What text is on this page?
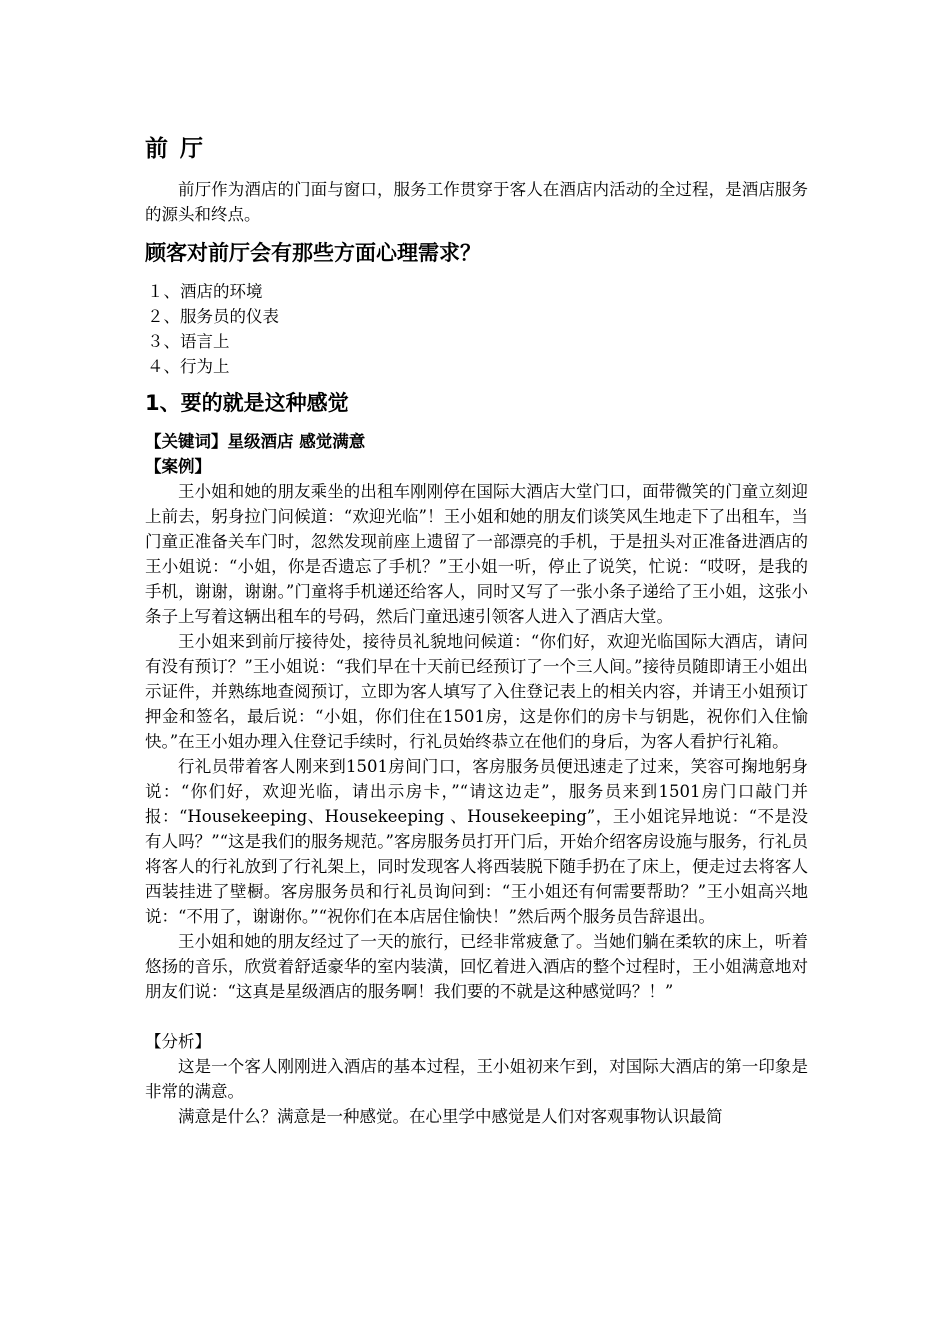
前 厅

前厅作为酒店的门面与窗口，服务工作贯穿于客人在酒店内活动的全过程，是酒店服务的源头和终点。

顾客对前厅会有那些方面心理需求？
１、酒店的环境
２、服务员的仪表
３、语言上
４、行为上
1、要的就是这种感觉
【关键词】星级酒店 感觉满意
【案例】

王小姐和她的朋友乘坐的出租车刚刚停在国际大酒店大堂门口，面带微笑的门童立刻迎上前去，躬身拉门问候道：“欢迎光临”！王小姐和她的朋友们谈笑风生地走下了出租车，当门童正准备关车门时，忽然发现前座上遗留了一部漂亮的手机，于是扭头对正准备进酒店的王小姐说：“小姐，你是否遗忘了手机？”王小姐一听，停止了说笑，忙说：“哎呀，是我的手机，谢谢，谢谢。”门童将手机递还给客人，同时又写了一张小条子递给了王小姐，这张小条子上写着这辆出租车的号码，然后门童迅速引领客人进入了酒店大堂。

王小姐来到前厅接待处，接待员礼貌地问候道：“你们好，欢迎光临国际大酒店，请问有没有预订？”王小姐说：“我们早在十天前已经预订了一个三人间。”接待员随即请王小姐出示证件，并熟练地查阅预订，立即为客人填写了入住登记表上的相关内容，并请王小姐预订押金和签名，最后说：“小姐，你们住在1501房，这是你们的房卡与钥匙，祝你们入住愉快。”在王小姐办理入住登记手续时，行礼员始终恭立在他们的身后，为客人看护行礼箱。

行礼员带着客人刚来到1501房间门口，客房服务员便迅速走了过来，笑容可掬地躬身说：“你们好，欢迎光临，请出示房卡，”“请这边走”，服务员来到1501房门口敲门并报：“Housekeeping、Housekeeping 、Housekeeping”，王小姐诧异地说：“不是没有人吗？”“这是我们的服务规范。”客房服务员打开门后，开始介绍客房设施与服务，行礼员将客人的行礼放到了行礼架上，同时发现客人将西装脱下随手扔在了床上，便走过去将客人西装挂进了壁橱。客房服务员和行礼员询问到：“王小姐还有何需要帮助？”王小姐高兴地说：“不用了，谢谢你。”“祝你们在本店居住愉快！”然后两个服务员告辞退出。

王小姐和她的朋友经过了一天的旅行，已经非常疲惫了。当她们躺在柔软的床上，听着悠扬的音乐，欣赏着舒适豪华的室内装潢，回忆着进入酒店的整个过程时，王小姐满意地对朋友们说：“这真是星级酒店的服务啊！我们要的不就是这种感觉吗？！”

【分析】

这是一个客人刚刚进入酒店的基本过程，王小姐初来乍到，对国际大酒店的第一印象是非常的满意。

满意是什么？满意是一种感觉。在心里学中感觉是人们对客观事物认识最简
